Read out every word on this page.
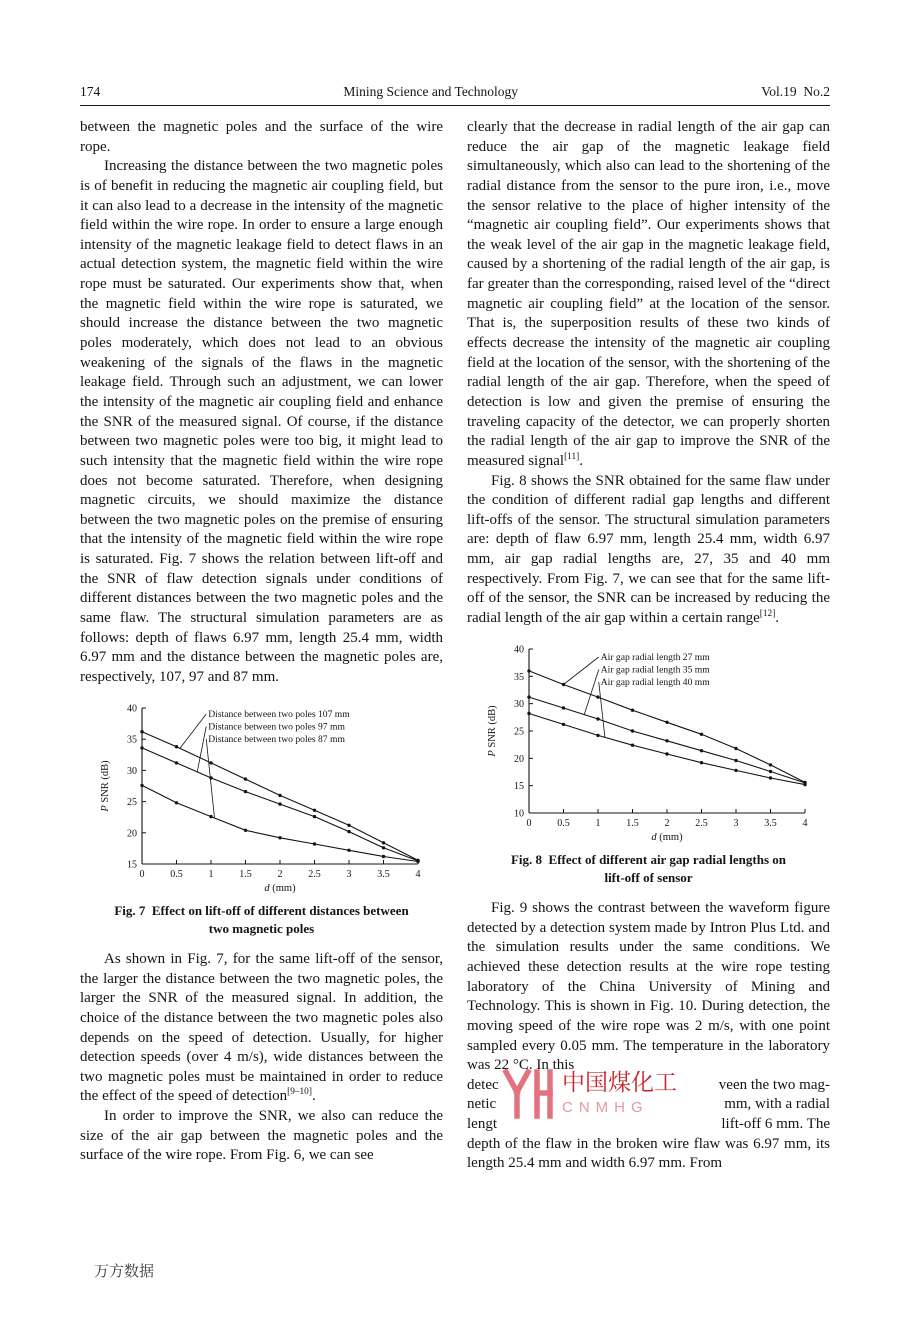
174	Mining Science and Technology	Vol.19  No.2

between the magnetic poles and the surface of the wire rope.

Increasing the distance between the two magnetic poles is of benefit in reducing the magnetic air coupling field, but it can also lead to a decrease in the intensity of the magnetic field within the wire rope. In order to ensure a large enough intensity of the magnetic leakage field to detect flaws in an actual detection system, the magnetic field within the wire rope must be saturated. Our experiments show that, when the magnetic field within the wire rope is saturated, we should increase the distance between the two magnetic poles moderately, which does not lead to an obvious weakening of the signals of the flaws in the magnetic leakage field. Through such an adjustment, we can lower the intensity of the magnetic air coupling field and enhance the SNR of the measured signal. Of course, if the distance between two magnetic poles were too big, it might lead to such intensity that the magnetic field within the wire rope does not become saturated. Therefore, when designing magnetic circuits, we should maximize the distance between the two magnetic poles on the premise of ensuring that the intensity of the magnetic field within the wire rope is saturated. Fig. 7 shows the relation between lift-off and the SNR of flaw detection signals under conditions of different distances between the two magnetic poles and the same flaw. The structural simulation parameters are as follows: depth of flaws 6.97 mm, length 25.4 mm, width 6.97 mm and the distance between the magnetic poles are, respectively, 107, 97 and 87 mm.

15
20
25
30
35
40
0	0.5	1	1.5	2	2.5	3	3.5	4
d (mm)
P SNR (dB)
Distance between two poles 107 mm
Distance between two poles 97 mm
Distance between two poles 87 mm
Fig. 7  Effect on lift-off of different distances between
two magnetic poles

As shown in Fig. 7, for the same lift-off of the sensor, the larger the distance between the two magnetic poles, the larger the SNR of the measured signal. In addition, the choice of the distance between the two magnetic poles also depends on the speed of detection. Usually, for higher detection speeds (over 4 m/s), wide distances between the two magnetic poles must be maintained in order to reduce the effect of the speed of detection[9–10].

In order to improve the SNR, we also can reduce the size of the air gap between the magnetic poles and the surface of the wire rope. From Fig. 6, we can see

clearly that the decrease in radial length of the air gap can reduce the air gap of the magnetic leakage field simultaneously, which also can lead to the shortening of the radial distance from the sensor to the pure iron, i.e., move the sensor relative to the place of higher intensity of the “magnetic air coupling field”. Our experiments shows that the weak level of the air gap in the magnetic leakage field, caused by a shortening of the radial length of the air gap, is far greater than the corresponding, raised level of the “direct magnetic air coupling field” at the location of the sensor. That is, the superposition results of these two kinds of effects decrease the intensity of the magnetic air coupling field at the location of the sensor, with the shortening of the radial length of the air gap. Therefore, when the speed of detection is low and given the premise of ensuring the traveling capacity of the detector, we can properly shorten the radial length of the air gap to improve the SNR of the measured signal[11].

Fig. 8 shows the SNR obtained for the same flaw under the condition of different radial gap lengths and different lift-offs of the sensor. The structural simulation parameters are: depth of flaw 6.97 mm, length 25.4 mm, width 6.97 mm, air gap radial lengths are, 27, 35 and 40 mm respectively. From Fig. 7, we can see that for the same lift-off of the sensor, the SNR can be increased by reducing the radial length of the air gap within a certain range[12].

10
15
20
25
30
35
40
0	0.5	1	1.5	2	2.5	3	3.5	4
d (mm)
P SNR (dB)
Air gap radial length 27 mm
Air gap radial length 35 mm
Air gap radial length 40 mm
Fig. 8  Effect of different air gap radial lengths on
lift-off of sensor

Fig. 9 shows the contrast between the waveform figure detected by a detection system made by Intron Plus Ltd. and the simulation results under the same conditions. We achieved these detection results at the wire rope testing laboratory of the China University of Mining and Technology. This is shown in Fig. 10. During detection, the moving speed of the wire rope was 2 m/s, with one point sampled every 0.05 mm. The temperature in the laboratory was 22 °C. In this

detec	veen the two mag-
netic	mm, with a radial
lengt	lift-off 6 mm. The
中国煤化工
CNMHG

depth of the flaw in the broken wire flaw was 6.97 mm, its length 25.4 mm and width 6.97 mm. From

万方数据
